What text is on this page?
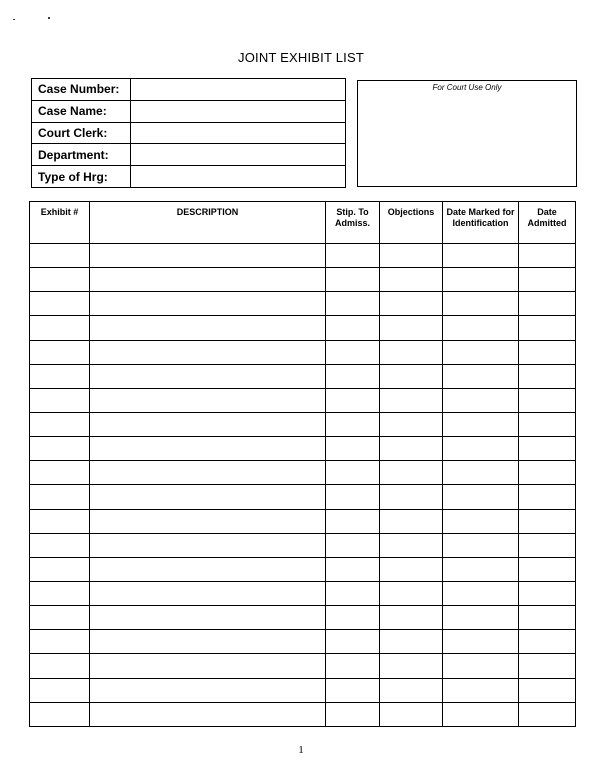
JOINT EXHIBIT LIST
Case Number:	
Case Name:	
Court Clerk:	
Department:	
Type of Hrg:	
For Court Use Only
Exhibit #	DESCRIPTION	Stip. To Admiss.	Objections	Date Marked for Identification	Date Admitted

1
